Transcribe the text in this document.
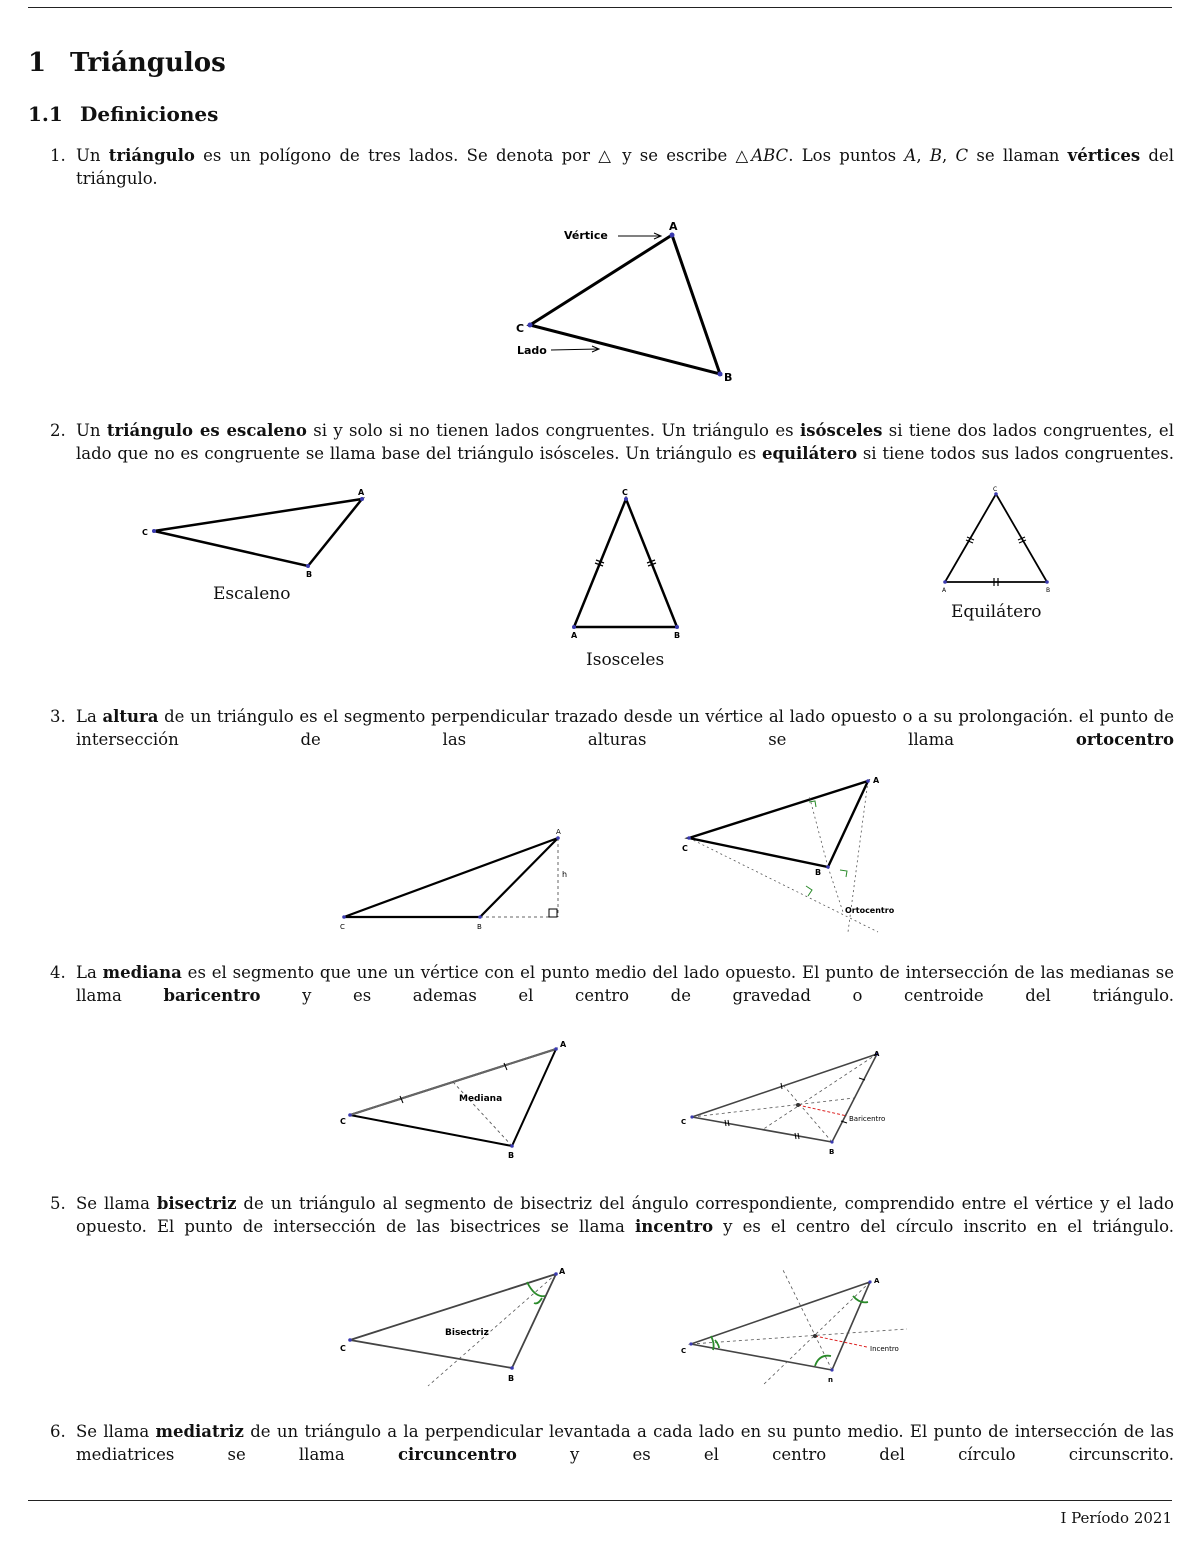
1 Triángulos
1.1 Definiciones
1. Un triángulo es un polígono de tres lados. Se denota por △ y se escribe △ABC. Los puntos A, B, C se llaman vértices del triángulo.
A
B
C
Vértice
Lado
2. Un triángulo es escaleno si y solo si no tienen lados congruentes. Un triángulo es isósceles si tiene dos lados congruentes, el lado que no es congruente se llama base del triángulo isósceles. Un triángulo es equilátero si tiene todos sus lados congruentes.
A
B
C
Escaleno
C
A	B
Isosceles
C
A	B
Equilátero
3. La altura de un triángulo es el segmento perpendicular trazado desde un vértice al lado opuesto o a su prolongación. el punto de intersección de las alturas se llama ortocentro
A
B
C
h
A
B
C
Ortocentro
4. La mediana es el segmento que une un vértice con el punto medio del lado opuesto. El punto de intersección de las medianas se llama baricentro y es ademas el centro de gravedad o centroide del triángulo.
A
B
C
Mediana
A
B
C	Baricentro
5. Se llama bisectriz de un triángulo al segmento de bisectriz del ángulo correspondiente, comprendido entre el vértice y el lado opuesto. El punto de intersección de las bisectrices se llama incentro y es el centro del círculo inscrito en el triángulo.
A
B
C
Bisectriz
A
n
C	Incentro
6. Se llama mediatriz de un triángulo a la perpendicular levantada a cada lado en su punto medio. El punto de intersección de las mediatrices se llama circuncentro y es el centro del círculo circunscrito.
I Período 2021
